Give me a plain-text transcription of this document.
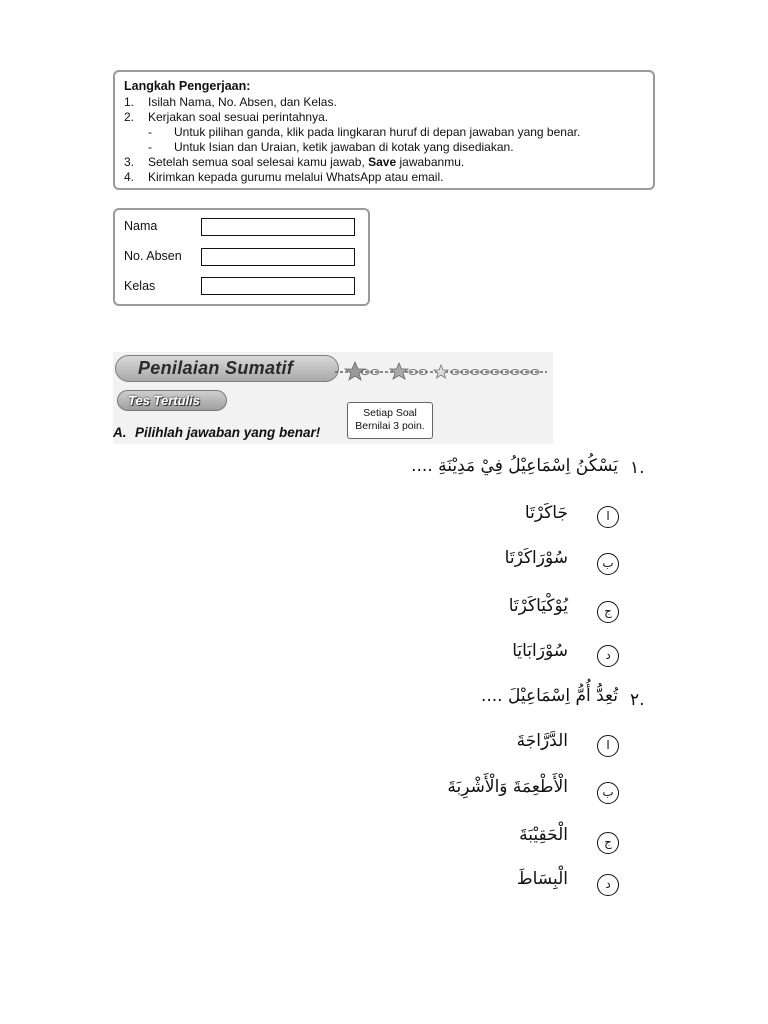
Langkah Pengerjaan:
1. Isilah Nama, No. Absen, dan Kelas.
2. Kerjakan soal sesuai perintahnya.
- Untuk pilihan ganda, klik pada lingkaran huruf di depan jawaban yang benar.
- Untuk Isian dan Uraian, ketik jawaban di kotak yang disediakan.
3. Setelah semua soal selesai kamu jawab, Save jawabanmu.
4. Kirimkan kepada gurumu melalui WhatsApp atau email.
Nama
No. Absen
Kelas
Penilaian Sumatif
Tes Tertulis
Setiap Soal
Bernilai 3 poin.
A. Pilihlah jawaban yang benar!
.١
يَسْكُنُ اِسْمَاعِيْلُ فِيْ مَدِيْنَةِ ....
ا
جَاكَرْتَا
ب
سُوْرَاكَرْتَا
ج
يُوْكْيَاكَرْتَا
د
سُوْرَابَايَا
.٢
تُعِدُّ أُمُّ اِسْمَاعِيْلَ ....
ا
الدَّرَّاجَةَ
ب
الْأَطْعِمَةَ وَالْأَشْرِبَةَ
ج
الْحَقِيْبَةَ
د
الْبِسَاطَ
